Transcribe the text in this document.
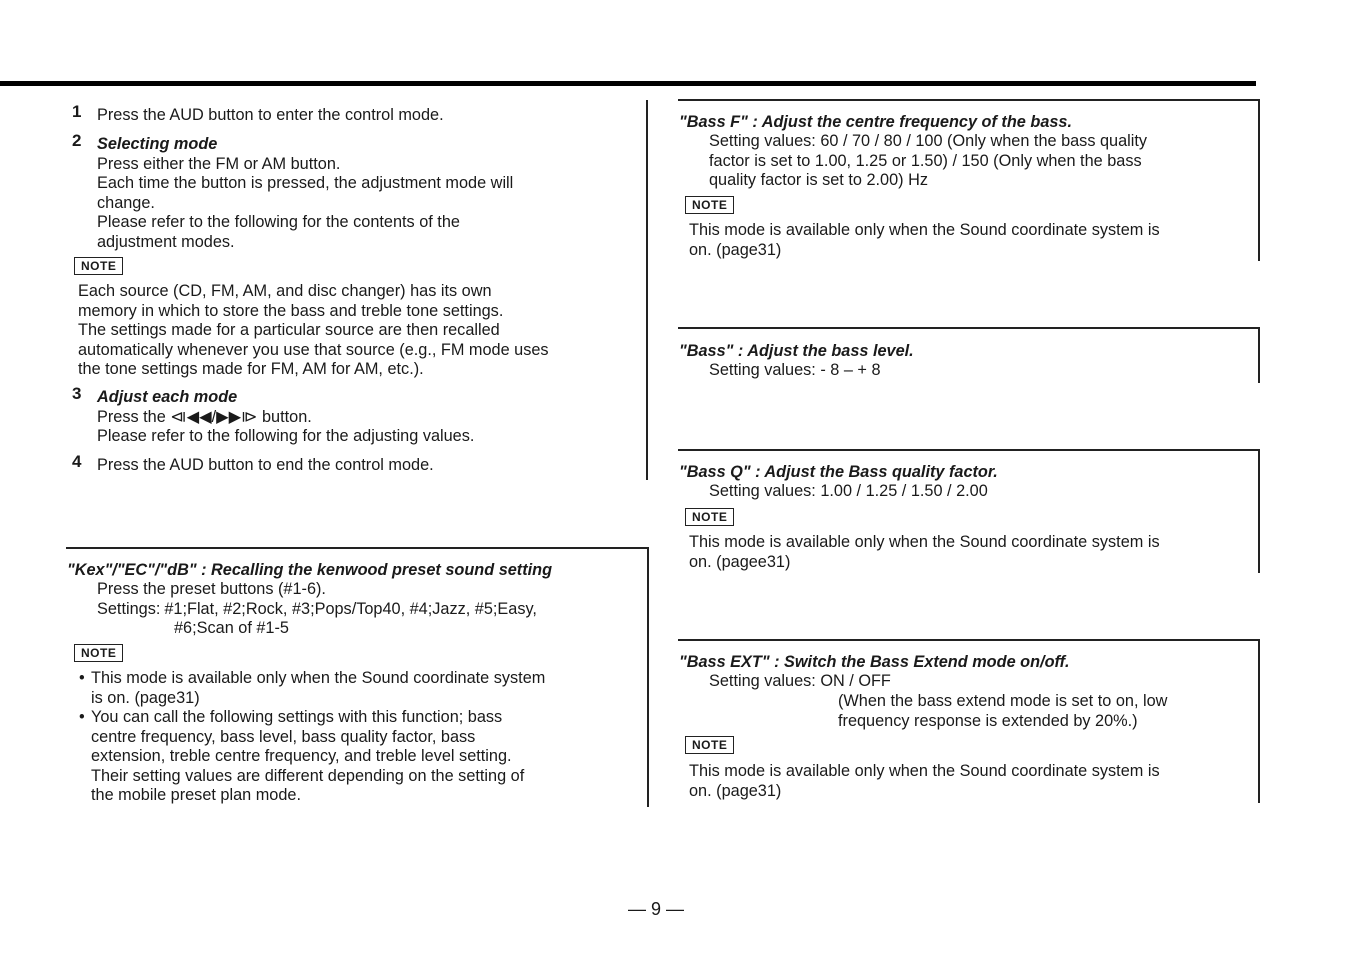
1 Press the AUD button to enter the control mode.
2 Selecting mode
Press either the FM or AM button.
Each time the button is pressed, the adjustment mode will
change.
Please refer to the following for the contents of the
adjustment modes.
NOTE
Each source (CD, FM, AM, and disc changer) has its own
memory in which to store the bass and treble tone settings.
The settings made for a particular source are then recalled
automatically whenever you use that source (e.g., FM mode uses
the tone settings made for FM, AM for AM, etc.).
3 Adjust each mode
Press the ⧏◀◀/▶▶⧐ button.
Please refer to the following for the adjusting values.
4 Press the AUD button to end the control mode.
"Kex"/"EC"/"dB" : Recalling the kenwood preset sound setting
Press the preset buttons (#1-6).
Settings: #1;Flat, #2;Rock, #3;Pops/Top40, #4;Jazz, #5;Easy,
#6;Scan of #1-5
NOTE
• This mode is available only when the Sound coordinate system
is on. (page31)
• You can call the following settings with this function; bass
centre frequency, bass level, bass quality factor, bass
extension, treble centre frequency, and treble level setting.
Their setting values are different depending on the setting of
the mobile preset plan mode.
"Bass F" : Adjust the centre frequency of the bass.
Setting values: 60 / 70 / 80 / 100 (Only when the bass quality
factor is set to 1.00, 1.25 or 1.50) / 150 (Only when the bass
quality factor is set to 2.00) Hz
NOTE
This mode is available only when the Sound coordinate system is
on. (page31)
"Bass" : Adjust the bass level.
Setting values: - 8 – + 8
"Bass Q" : Adjust the Bass quality factor.
Setting values: 1.00 / 1.25 / 1.50 / 2.00
NOTE
This mode is available only when the Sound coordinate system is
on. (pagee31)
"Bass EXT" : Switch the Bass Extend mode on/off.
Setting values: ON / OFF
(When the bass extend mode is set to on, low
frequency response is extended by 20%.)
NOTE
This mode is available only when the Sound coordinate system is
on. (page31)
— 9 —
